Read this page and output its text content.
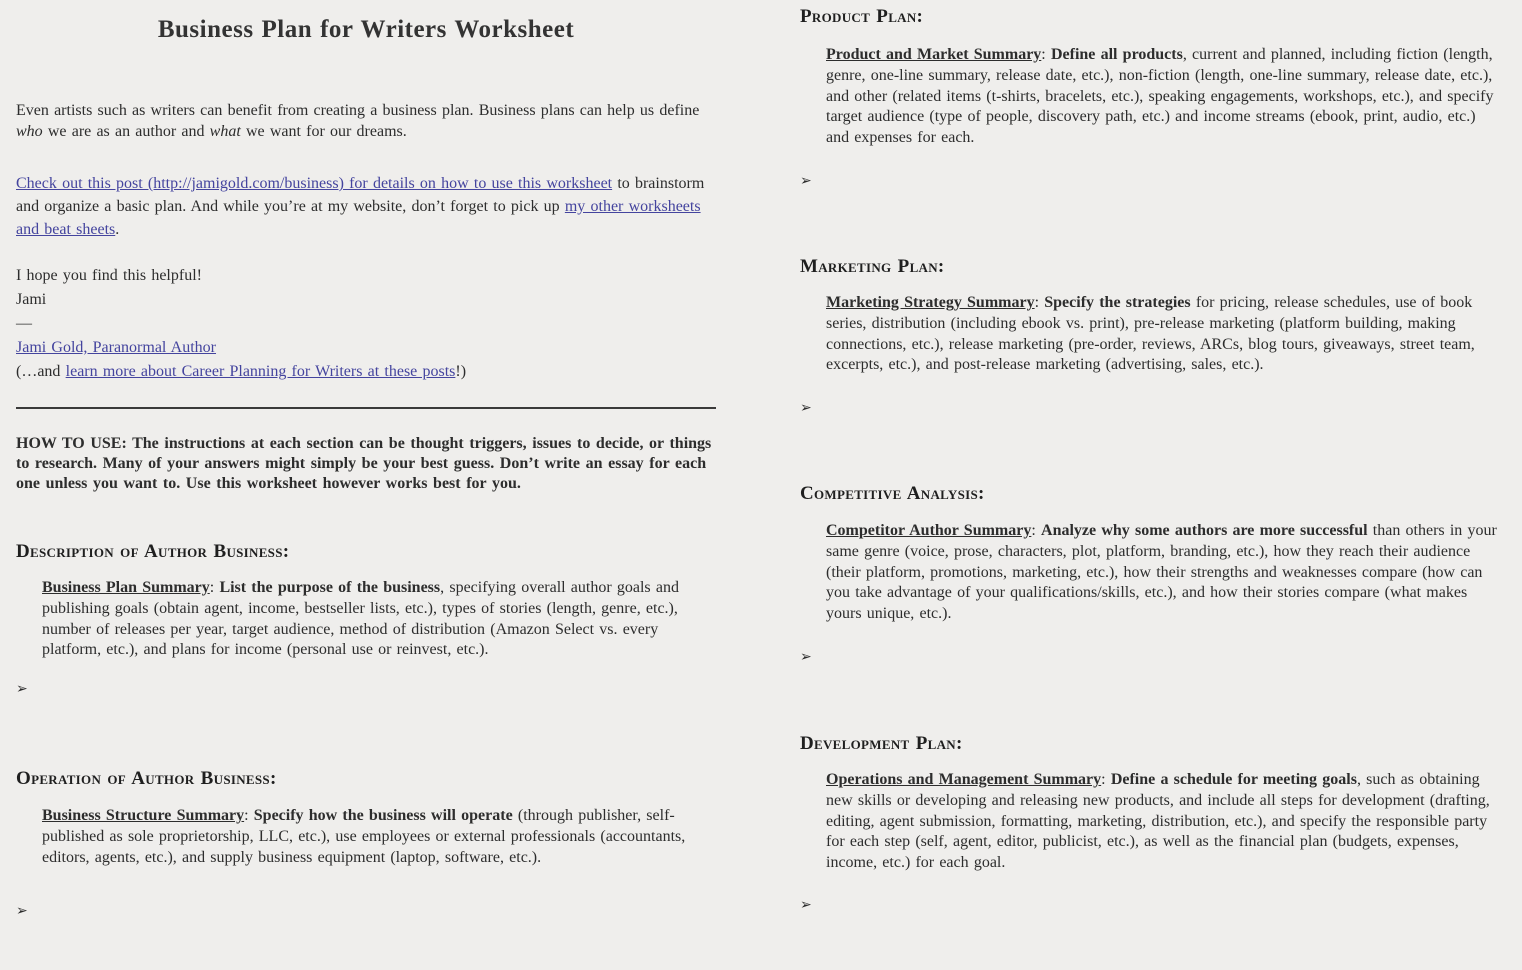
Business Plan for Writers Worksheet

Even artists such as writers can benefit from creating a business plan. Business plans can help us define who we are as an author and what we want for our dreams.

Check out this post (http://jamigold.com/business) for details on how to use this worksheet to brainstorm and organize a basic plan. And while you’re at my website, don’t forget to pick up my other worksheets and beat sheets.

I hope you find this helpful!
Jami
—
Jami Gold, Paranormal Author
(…and learn more about Career Planning for Writers at these posts!)

HOW TO USE: The instructions at each section can be thought triggers, issues to decide, or things to research. Many of your answers might simply be your best guess. Don’t write an essay for each one unless you want to. Use this worksheet however works best for you.

Description of Author Business:

Business Plan Summary: List the purpose of the business, specifying overall author goals and publishing goals (obtain agent, income, bestseller lists, etc.), types of stories (length, genre, etc.), number of releases per year, target audience, method of distribution (Amazon Select vs. every platform, etc.), and plans for income (personal use or reinvest, etc.).

➢
Operation of Author Business:

Business Structure Summary: Specify how the business will operate (through publisher, self-published as sole proprietorship, LLC, etc.), use employees or external professionals (accountants, editors, agents, etc.), and supply business equipment (laptop, software, etc.).

➢
Product Plan:

Product and Market Summary: Define all products, current and planned, including fiction (length, genre, one-line summary, release date, etc.), non-fiction (length, one-line summary, release date, etc.), and other (related items (t-shirts, bracelets, etc.), speaking engagements, workshops, etc.), and specify target audience (type of people, discovery path, etc.) and income streams (ebook, print, audio, etc.) and expenses for each.

➢
Marketing Plan:

Marketing Strategy Summary: Specify the strategies for pricing, release schedules, use of book series, distribution (including ebook vs. print), pre-release marketing (platform building, making connections, etc.), release marketing (pre-order, reviews, ARCs, blog tours, giveaways, street team, excerpts, etc.), and post-release marketing (advertising, sales, etc.).

➢
Competitive Analysis:

Competitor Author Summary: Analyze why some authors are more successful than others in your same genre (voice, prose, characters, plot, platform, branding, etc.), how they reach their audience (their platform, promotions, marketing, etc.), how their strengths and weaknesses compare (how can you take advantage of your qualifications/skills, etc.), and how their stories compare (what makes yours unique, etc.).

➢
Development Plan:

Operations and Management Summary: Define a schedule for meeting goals, such as obtaining new skills or developing and releasing new products, and include all steps for development (drafting, editing, agent submission, formatting, marketing, distribution, etc.), and specify the responsible party for each step (self, agent, editor, publicist, etc.), as well as the financial plan (budgets, expenses, income, etc.) for each goal.

➢
